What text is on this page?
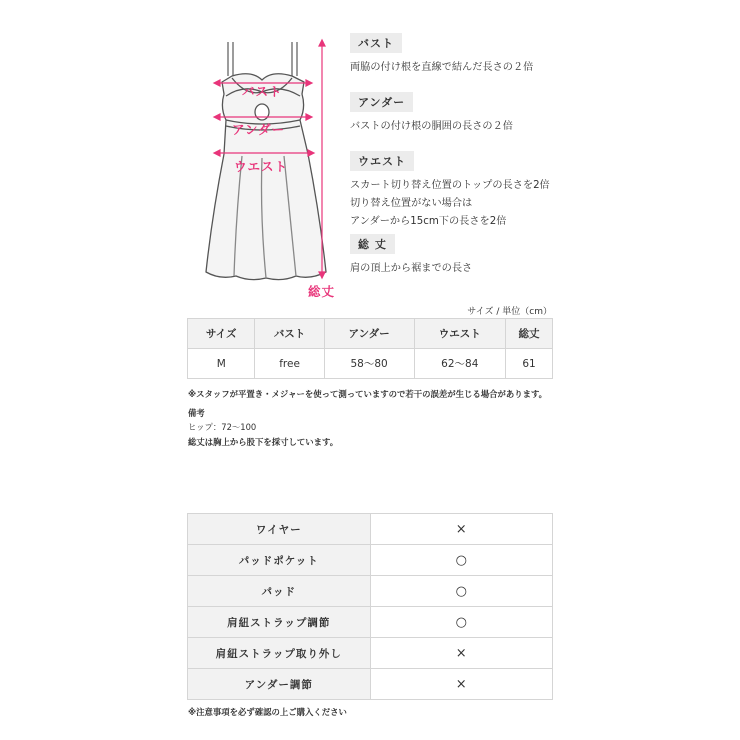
バスト
アンダー
ウエスト
総丈
バスト
両脇の付け根を直線で結んだ長さの２倍
アンダー
バストの付け根の胴囲の長さの２倍
ウエスト
スカート切り替え位置のトップの長さを2倍
切り替え位置がない場合は
アンダーから15cm下の長さを2倍
総 丈
肩の頂上から裾までの長さ
サイズ / 単位（cm）
サイズ	バスト	アンダー	ウエスト	総丈
M	free	58〜80	62〜84	61
※スタッフが平置き・メジャーを使って測っていますので若干の誤差が生じる場合があります。
備考
ヒップ：72〜100
総丈は胸上から股下を採寸しています。
ワイヤー	×
パッドポケット	○
パッド	○
肩紐ストラップ調節	○
肩紐ストラップ取り外し	×
アンダー調節	×
※注意事項を必ず確認の上ご購入ください
